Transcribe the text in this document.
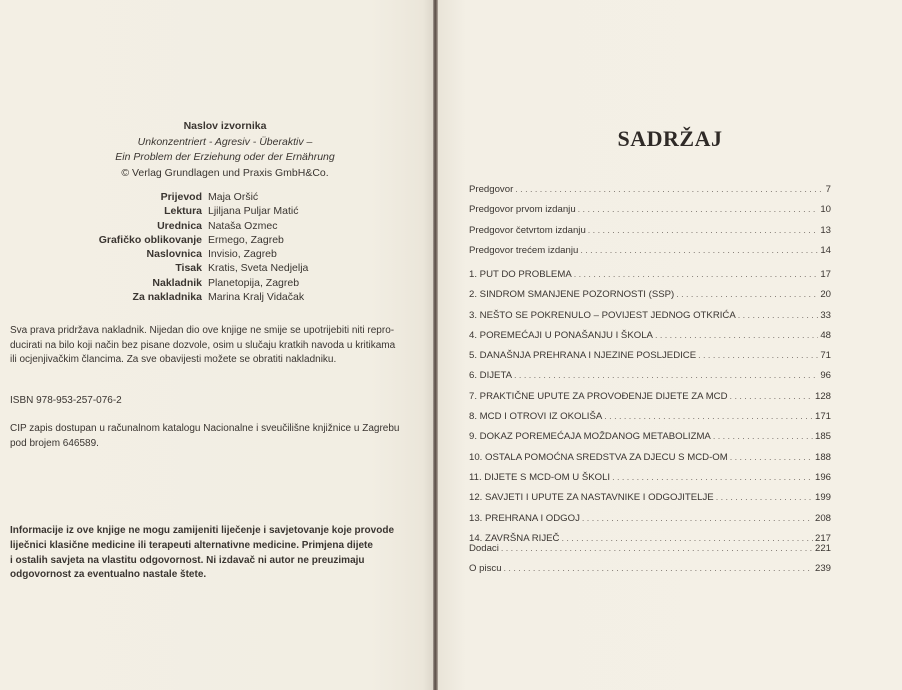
Naslov izvornika
Unkonzentriert - Agresiv - Überaktiv –
Ein Problem der Erziehung oder der Ernährung
© Verlag Grundlagen und Praxis GmbH&Co.
Prijevod Maja Oršić
Lektura Ljiljana Puljar Matić
Urednica Nataša Ozmec
Grafičko oblikovanje Ermego, Zagreb
Naslovnica Invisio, Zagreb
Tisak Kratis, Sveta Nedjelja
Nakladnik Planetopija, Zagreb
Za nakladnika Marina Kralj Vidačak
Sva prava pridržava nakladnik. Nijedan dio ove knjige ne smije se upotrijebiti niti repro-
ducirati na bilo koji način bez pisane dozvole, osim u slučaju kratkih navoda u kritikama
ili ocjenjivačkim člancima. Za sve obavijesti možete se obratiti nakladniku.
ISBN 978-953-257-076-2
CIP zapis dostupan u računalnom katalogu Nacionalne i sveučilišne knjižnice u Zagrebu
pod brojem 646589.
Informacije iz ove knjige ne mogu zamijeniti liječenje i savjetovanje koje provode
liječnici klasične medicine ili terapeuti alternativne medicine. Primjena dijete
i ostalih savjeta na vlastitu odgovornost. Ni izdavač ni autor ne preuzimaju
odgovornost za eventualno nastale štete.
SADRŽAJ
Predgovor .....	7
Predgovor prvom izdanju .....	10
Predgovor četvrtom izdanju .....	13
Predgovor trećem izdanju .....	14
1. PUT DO PROBLEMA .....	17
2. SINDROM SMANJENE POZORNOSTI (SSP) .....	20
3. NEŠTO SE POKRENULO – POVIJEST JEDNOG OTKRIĆA .....	33
4. POREMEĆAJI U PONAŠANJU I ŠKOLA .....	48
5. DANAŠNJA PREHRANA I NJEZINE POSLJEDICE .....	71
6. DIJETA .....	96
7. PRAKTIČNE UPUTE ZA PROVOĐENJE DIJETE ZA MCD .....	128
8. MCD I OTROVI IZ OKOLIŠA .....	171
9. DOKAZ POREMEĆAJA MOŽDANOG METABOLIZMA .....	185
10. OSTALA POMOĆNA SREDSTVA ZA DJECU S MCD-OM .....	188
11. DIJETE S MCD-OM U ŠKOLI .....	196
12. SAVJETI I UPUTE ZA NASTAVNIKE I ODGOJITELJE .....	199
13. PREHRANA I ODGOJ .....	208
14. ZAVRŠNA RIJEČ .....	217
Dodaci .....	221
O piscu .....	239
